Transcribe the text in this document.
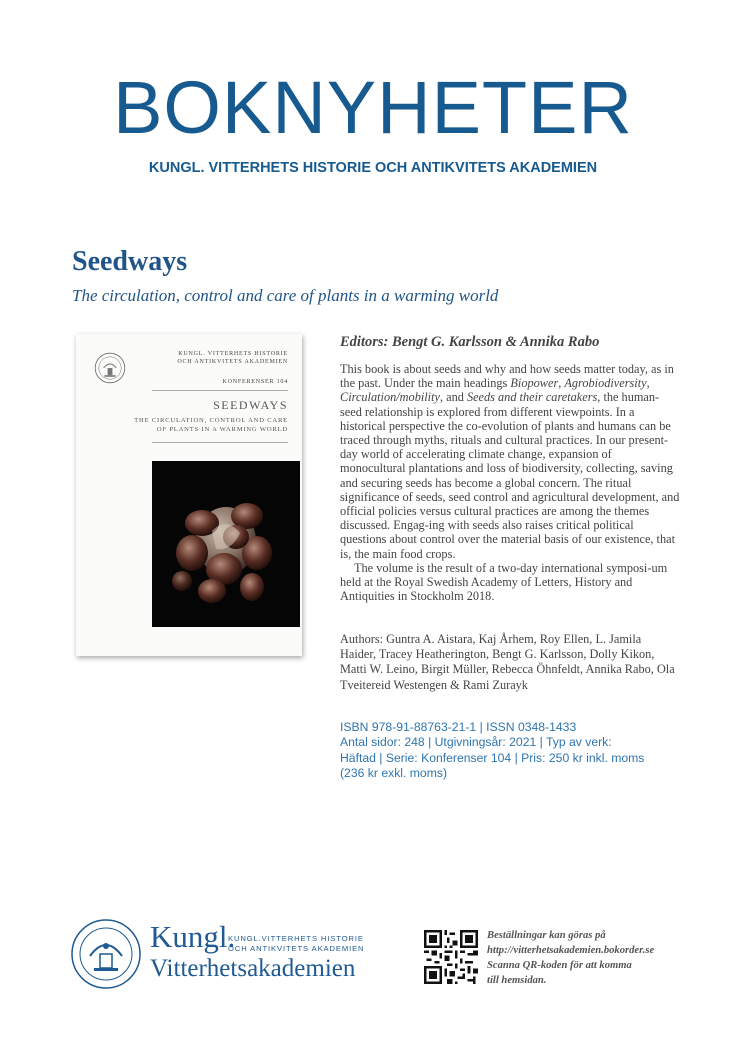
BOKNYHETER
KUNGL. VITTERHETS HISTORIE OCH ANTIKVITETS AKADEMIEN
Seedways
The circulation, control and care of plants in a warming world
KUNGL. VITTERHETS HISTORIE
OCH ANTIKVITETS AKADEMIEN
KONFERENSER 104
SEEDWAYS
THE CIRCULATION, CONTROL AND CARE
OF PLANTS IN A WARMING WORLD
Editors: Bengt G. Karlsson & Annika Rabo

This book is about seeds and why and how seeds matter today, as in the past. Under the main headings Biopower, Agrobiodiversity, Circulation/mobility, and Seeds and their caretakers, the human-seed relationship is explored from different viewpoints. In a historical perspective the co-evolution of plants and humans can be traced through myths, rituals and cultural practices. In our present-day world of accelerating climate change, expansion of monocultural plantations and loss of biodiversity, collecting, saving and securing seeds has become a global concern. The ritual significance of seeds, seed control and agricultural development, and official policies versus cultural practices are among the themes discussed. Engag-ing with seeds also raises critical political questions about control over the material basis of our existence, that is, the main food crops.

The volume is the result of a two-day international symposi-um held at the Royal Swedish Academy of Letters, History and Antiquities in Stockholm 2018.

Authors: Guntra A. Aistara, Kaj Århem, Roy Ellen, L. Jamila Haider, Tracey Heatherington, Bengt G. Karlsson, Dolly Kikon, Matti W. Leino, Birgit Müller, Rebecca Öhnfeldt, Annika Rabo, Ola Tveitereid Westengen & Rami Zurayk
ISBN 978-91-88763-21-1 | ISSN 0348-1433
Antal sidor: 248 | Utgivningsår: 2021 | Typ av verk:
Häftad | Serie: Konferenser 104 | Pris: 250 kr inkl. moms
(236 kr exkl. moms)
Kungl.
Vitterhetsakademien
KUNGL.VITTERHETS HISTORIE
OCH ANTIKVITETS AKADEMIEN
Beställningar kan göras på
http://vitterhetsakademien.bokorder.se
Scanna QR-koden för att komma
till hemsidan.
